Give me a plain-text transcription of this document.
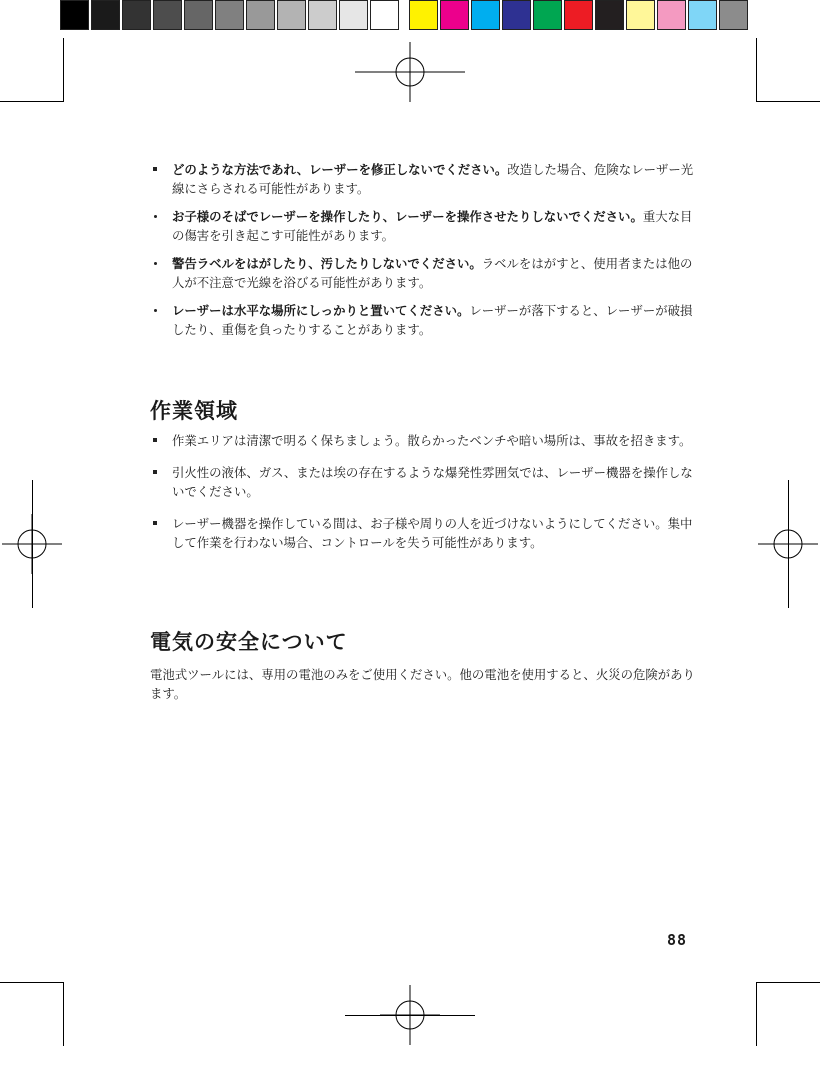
どのような方法であれ、レーザーを修正しないでください。改造した場合、危険なレーザー光線にさらされる可能性があります。
お子様のそばでレーザーを操作したり、レーザーを操作させたりしないでください。重大な目の傷害を引き起こす可能性があります。
警告ラベルをはがしたり、汚したりしないでください。ラベルをはがすと、使用者または他の人が不注意で光線を浴びる可能性があります。
レーザーは水平な場所にしっかりと置いてください。レーザーが落下すると、レーザーが破損したり、重傷を負ったりすることがあります。
作業領域
作業エリアは清潔で明るく保ちましょう。散らかったベンチや暗い場所は、事故を招きます。
引火性の液体、ガス、または埃の存在するような爆発性雰囲気では、レーザー機器を操作しないでください。
レーザー機器を操作している間は、お子様や周りの人を近づけないようにしてください。集中して作業を行わない場合、コントロールを失う可能性があります。
電気の安全について
電池式ツールには、専用の電池のみをご使用ください。他の電池を使用すると、火災の危険があります。
88
